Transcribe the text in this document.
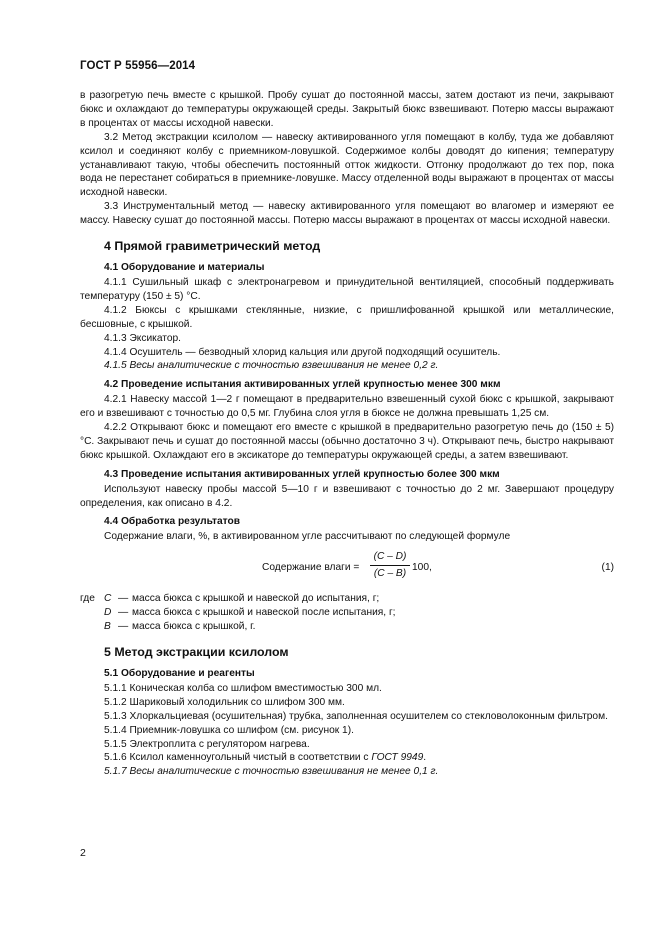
ГОСТ Р 55956—2014

в разогретую печь вместе с крышкой. Пробу сушат до постоянной массы, затем достают из печи, закрывают бюкс и охлаждают до температуры окружающей среды. Закрытый бюкс взвешивают. Потерю массы выражают в процентах от массы исходной навески.

3.2 Метод экстракции ксилолом — навеску активированного угля помещают в колбу, туда же добавляют ксилол и соединяют колбу с приемником-ловушкой. Содержимое колбы доводят до кипения; температуру устанавливают такую, чтобы обеспечить постоянный отток жидкости. Отгонку продолжают до тех пор, пока вода не перестанет собираться в приемнике-ловушке. Массу отделенной воды выражают в процентах от массы исходной навески.

3.3 Инструментальный метод — навеску активированного угля помещают во влагомер и измеряют ее массу. Навеску сушат до постоянной массы. Потерю массы выражают в процентах от массы исходной навески.

4 Прямой гравиметрический метод
4.1 Оборудование и материалы

4.1.1 Сушильный шкаф с электронагревом и принудительной вентиляцией, способный поддерживать температуру (150 ± 5) °С.

4.1.2 Бюксы с крышками стеклянные, низкие, с пришлифованной крышкой или металлические, бесшовные, с крышкой.

4.1.3 Эксикатор.

4.1.4 Осушитель — безводный хлорид кальция или другой подходящий осушитель.

4.1.5 Весы аналитические с точностью взвешивания не менее 0,2 г.

4.2 Проведение испытания активированных углей крупностью менее 300 мкм

4.2.1 Навеску массой 1—2 г помещают в предварительно взвешенный сухой бюкс с крышкой, закрывают его и взвешивают с точностью до 0,5 мг. Глубина слоя угля в бюксе не должна превышать 1,25 см.

4.2.2 Открывают бюкс и помещают его вместе с крышкой в предварительно разогретую печь до (150 ± 5) °С. Закрывают печь и сушат до постоянной массы (обычно достаточно 3 ч). Открывают печь, быстро накрывают бюкс крышкой. Охлаждают его в эксикаторе до температуры окружающей среды, а затем взвешивают.

4.3 Проведение испытания активированных углей крупностью более 300 мкм

Используют навеску пробы массой 5—10 г и взвешивают с точностью до 2 мг. Завершают процедуру определения, как описано в 4.2.

4.4 Обработка результатов

Содержание влаги, %, в активированном угле рассчитывают по следующей формуле

Содержание влаги =
(С – D)
(С – В)
100,	(1)
где С — масса бюкса с крышкой и навеской до испытания, г;
D — масса бюкса с крышкой и навеской после испытания, г;
В — масса бюкса с крышкой, г.
5 Метод экстракции ксилолом
5.1 Оборудование и реагенты

5.1.1 Коническая колба со шлифом вместимостью 300 мл.

5.1.2 Шариковый холодильник со шлифом 300 мм.

5.1.3 Хлоркальциевая (осушительная) трубка, заполненная осушителем со стекловолоконным фильтром.

5.1.4 Приемник-ловушка со шлифом (см. рисунок 1).

5.1.5 Электроплита с регулятором нагрева.

5.1.6 Ксилол каменноугольный чистый в соответствии с ГОСТ 9949.

5.1.7 Весы аналитические с точностью взвешивания не менее 0,1 г.

2
